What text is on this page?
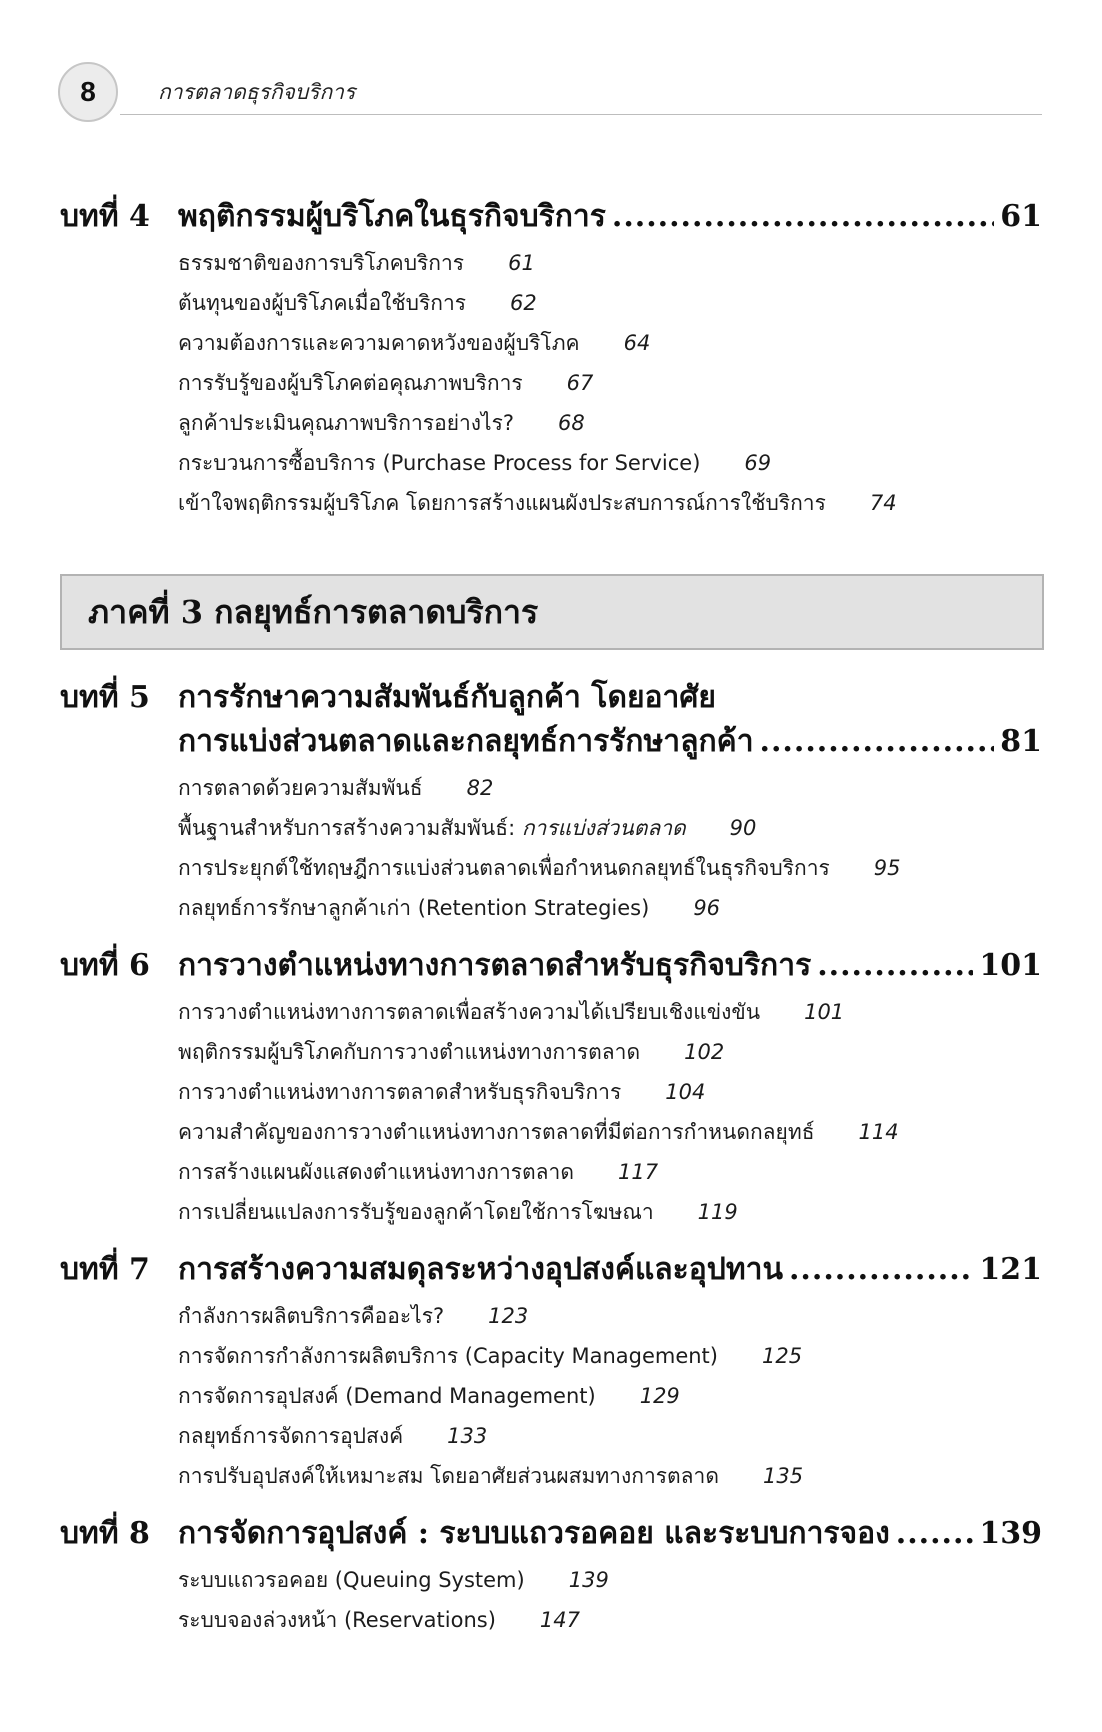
8	การตลาดธุรกิจบริการ
บทที่ 4 พฤติกรรมผู้บริโภคในธุรกิจบริการ .....	61
ธรรมชาติของการบริโภคบริการ 61
ต้นทุนของผู้บริโภคเมื่อใช้บริการ 62
ความต้องการและความคาดหวังของผู้บริโภค 64
การรับรู้ของผู้บริโภคต่อคุณภาพบริการ 67
ลูกค้าประเมินคุณภาพบริการอย่างไร? 68
กระบวนการซื้อบริการ (Purchase Process for Service) 69
เข้าใจพฤติกรรมผู้บริโภค โดยการสร้างแผนผังประสบการณ์การใช้บริการ 74
ภาคที่ 3 กลยุทธ์การตลาดบริการ
บทที่ 5 การรักษาความสัมพันธ์กับลูกค้า โดยอาศัย
การแบ่งส่วนตลาดและกลยุทธ์การรักษาลูกค้า .....	81
การตลาดด้วยความสัมพันธ์ 82
พื้นฐานสำหรับการสร้างความสัมพันธ์: การแบ่งส่วนตลาด 90
การประยุกต์ใช้ทฤษฎีการแบ่งส่วนตลาดเพื่อกำหนดกลยุทธ์ในธุรกิจบริการ 95
กลยุทธ์การรักษาลูกค้าเก่า (Retention Strategies) 96
บทที่ 6 การวางตำแหน่งทางการตลาดสำหรับธุรกิจบริการ .....	101
การวางตำแหน่งทางการตลาดเพื่อสร้างความได้เปรียบเชิงแข่งขัน 101
พฤติกรรมผู้บริโภคกับการวางตำแหน่งทางการตลาด 102
การวางตำแหน่งทางการตลาดสำหรับธุรกิจบริการ 104
ความสำคัญของการวางตำแหน่งทางการตลาดที่มีต่อการกำหนดกลยุทธ์ 114
การสร้างแผนผังแสดงตำแหน่งทางการตลาด 117
การเปลี่ยนแปลงการรับรู้ของลูกค้าโดยใช้การโฆษณา 119
บทที่ 7 การสร้างความสมดุลระหว่างอุปสงค์และอุปทาน .....	121
กำลังการผลิตบริการคืออะไร? 123
การจัดการกำลังการผลิตบริการ (Capacity Management) 125
การจัดการอุปสงค์ (Demand Management) 129
กลยุทธ์การจัดการอุปสงค์ 133
การปรับอุปสงค์ให้เหมาะสม โดยอาศัยส่วนผสมทางการตลาด 135
บทที่ 8 การจัดการอุปสงค์ : ระบบแถวรอคอย และระบบการจอง .....	139
ระบบแถวรอคอย (Queuing System) 139
ระบบจองล่วงหน้า (Reservations) 147
